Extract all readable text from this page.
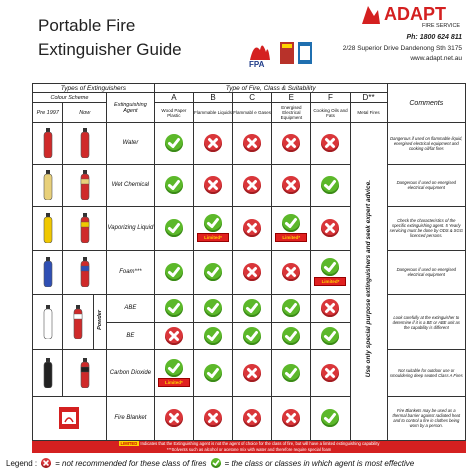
Portable Fire
Extinguisher Guide
FPA
ADAPT
FIRE SERVICE
Ph: 1800 624 811
2/28 Superior Drive Dandenong Sth 3175
www.adapt.net.au
Types of Extinguishers				Type of Fire, Class & Suitability						Comments
Colour Scheme			Extinguishing Agent	A	B	C	E	F	D**	
Pre 1997	Now			Wood Paper Plastic	Flammable Liquids	Flammabl e Gases	Energised Electrical Equipment	Cooking Oils and Fats	Metal Fires	

	Water						Use only special purpose extinguishers and seek expert advice.	Dangerous if used on flammable liquid, energised electrical equipment and cooking oil/fat fires

	Wet Chemical							Dangerous if used on energised electrical equipment

	Vaporizing Liquid		Limited*		Limited*			Check the characteristics of the specific extinguishing agent. 5 Yearly servicing must be done by ODS & SGG licenced persons.

	Foam***					Limited*		Dangerous if used on energised electrical equipment

	Powder	ABE							Look carefully at the extinguisher to determine if it is a BE or ABE unit as the capability is different
			BE	

	Carbon Dioxide	Limited*						Not suitable for outdoor use or smouldering deep seated Class A Fires

	Fire Blanket							Fire Blankets may be used as a thermal barrier against radiated heat and to control a fire in clothes being worn by a person.
LIMITED Indicates that the Extinguishing agent is not the agent of choice for the class of fire, but will have a limited extinguishing capability
***Solvents such as alcohol or acetone mix with water and therefore require special foam
Legend : = not recommended for these class of fires = the class or classes in which agent is most effective
